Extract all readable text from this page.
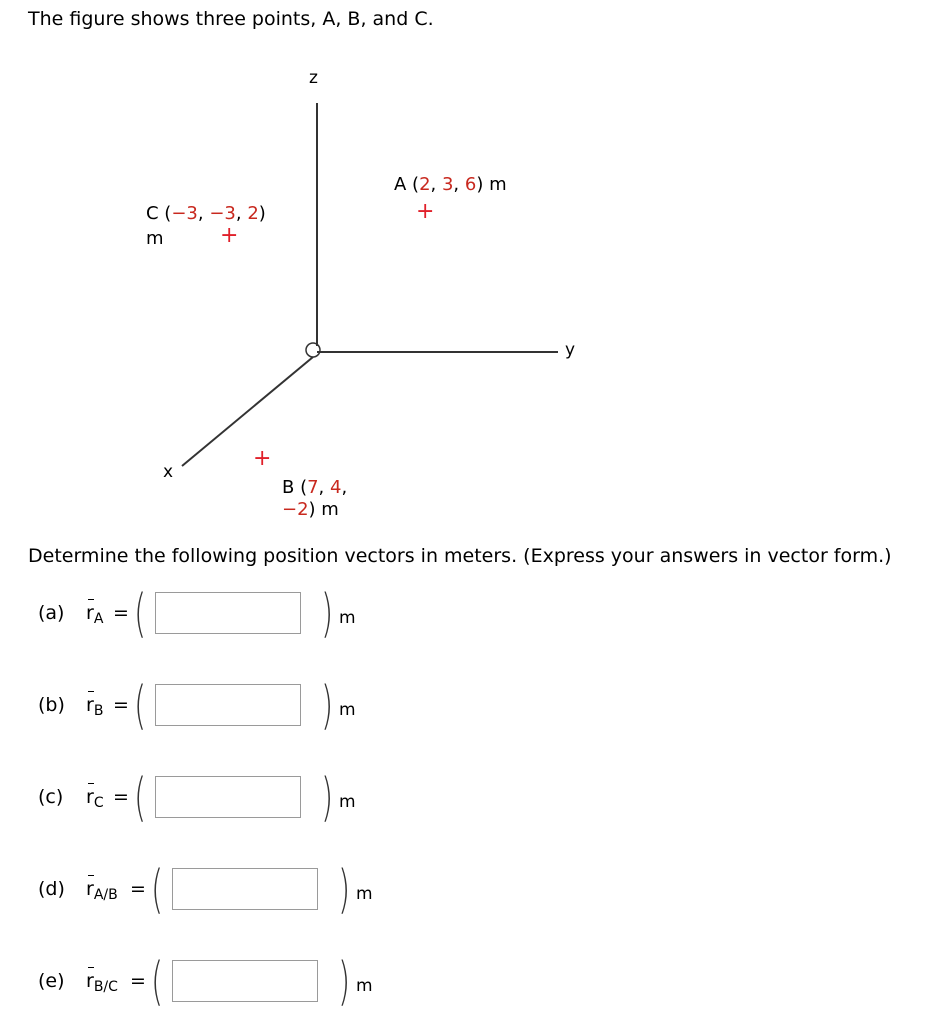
The figure shows three points, A, B, and C.
z
y
x
A (2, 3, 6) m
+
C (−3, −3, 2)
m	+
+
B (7, 4,
−2) m
Determine the following position vectors in meters. (Express your answers in vector form.)
(a) $r_A$ = (	) m
(b) $r_B$ = (	) m
(c) $r_C$ = (	) m
(d) $r_{A/B}$ = (	) m
(e) $r_{B/C}$ = (	) m
